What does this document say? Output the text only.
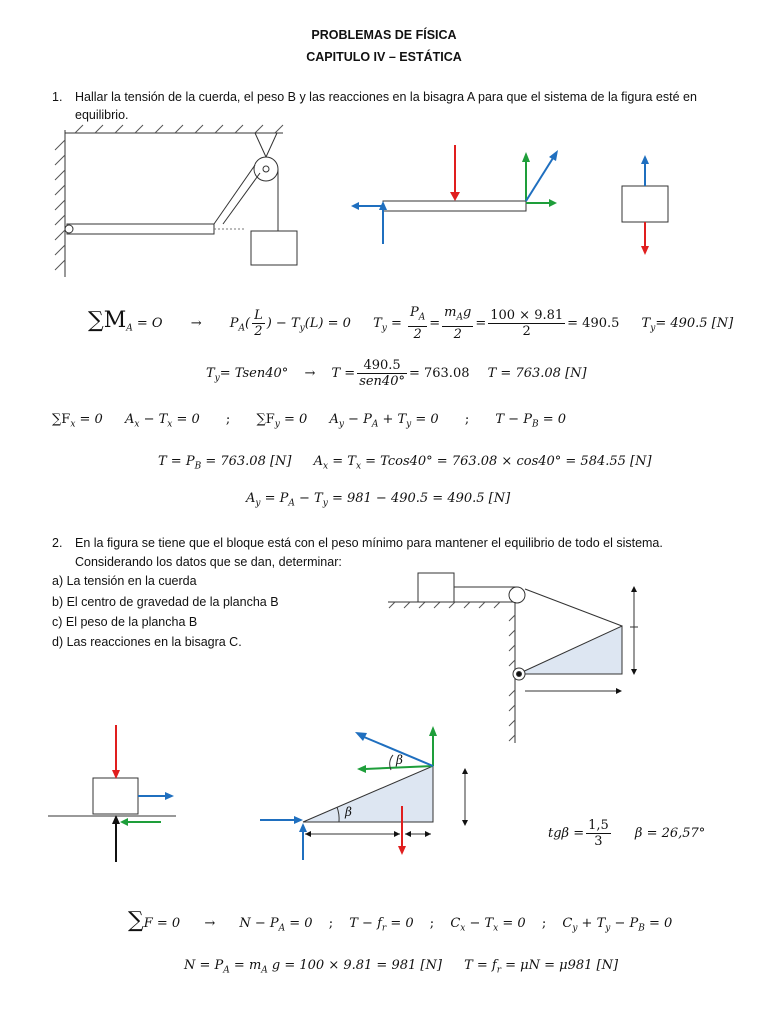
PROBLEMAS DE FÍSICA
CAPITULO IV – ESTÁTICA
1. Hallar la tensión de la cuerda, el peso B y las reacciones en la bisagra A para que el sistema de la figura esté en
equilibrio.
$\sum M_A = O \to P_A( \frac{L}{2}$ ) − $T_y(L) = 0$ $T_y = \frac{P_A}{2} = \frac{m_Ag}{2} = \frac{100 \times 9.81}{2} = 490.5$ $T_y= 490.5$ [N]
$T_y=$ Tsen40° → $T = \frac{490.5}{\text{sen40°}} = 763.08$ T = 763.08 [N]
$\sum F_x = 0$ $A_x - T_x = 0$ ; $\sum F_y = 0$ $A_y - P_A + T_y = 0$ ; $T - P_B = 0$
$T = P_B = 763.08$ [N] $A_x = T_x = Tcos40^\circ = 763.08 \times \cos 40^\circ = 584.55$ [N]
$A_y = P_A - T_y = 981 - 490.5 = 490.5$ [N]
2. En la figura se tiene que el bloque está con el peso mínimo para mantener el equilibrio de todo el sistema.
Considerando los datos que se dan, determinar:
a) La tensión en la cuerda
b) El centro de gravedad de la plancha B
c) El peso de la plancha B
d) Las reacciones en la bisagra C.
β
β
$tg\beta = \frac{1,5}{3}$ β = 26,57°
$\sum F = 0 \to N - P_A = 0$ ; $T - f_r = 0$ ; $C_x - T_x = 0$ ; $C_y + T_y - P_B = 0$
$N = P_A = m_A$ g = 100 × 9.81 = 981 [N] $T = f_r = \mu N = \mu 981$ [N]
